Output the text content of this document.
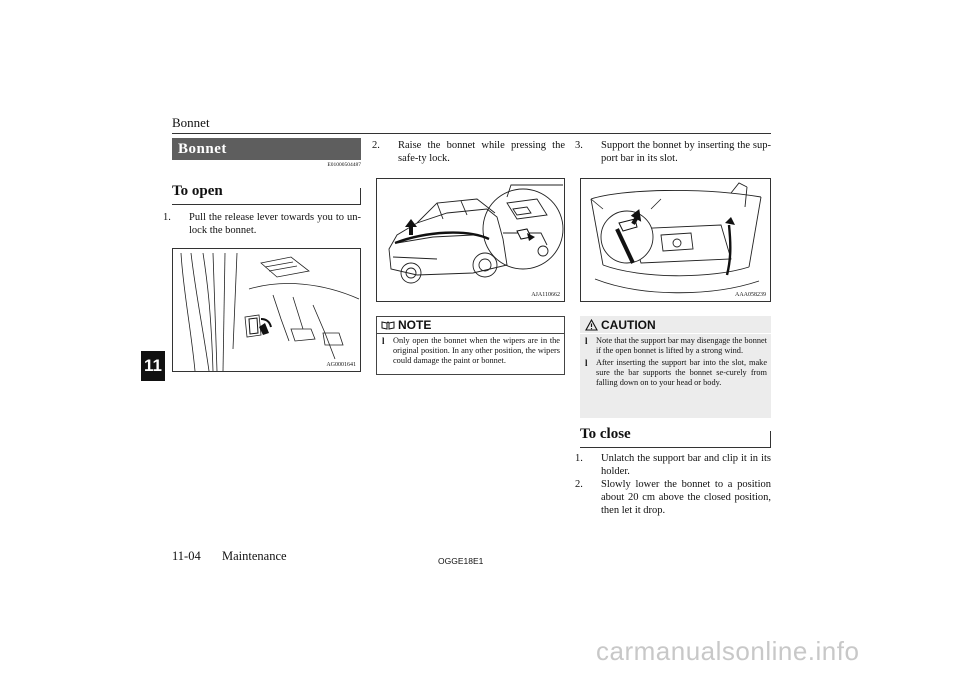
Bonnet
11
Bonnet
E01000504487
To open
1. Pull the release lever towards you to un-lock the bonnet.
AG0001641
2. Raise the bonnet while pressing the safe-ty lock.
AJA110662
NOTE
l Only open the bonnet when the wipers are in the original position. In any other position, the wipers could damage the paint or bonnet.
3. Support the bonnet by inserting the sup-port bar in its slot.
AAA058239
CAUTION
l Note that the support bar may disengage the bonnet if the open bonnet is lifted by a strong wind.
l After inserting the support bar into the slot, make sure the bar supports the bonnet se-curely from falling down on to your head or body.
To close
1. Unlatch the support bar and clip it in its holder.
2. Slowly lower the bonnet to a position about 20 cm above the closed position, then let it drop.
11-04 Maintenance	OGGE18E1
carmanualsonline.info
